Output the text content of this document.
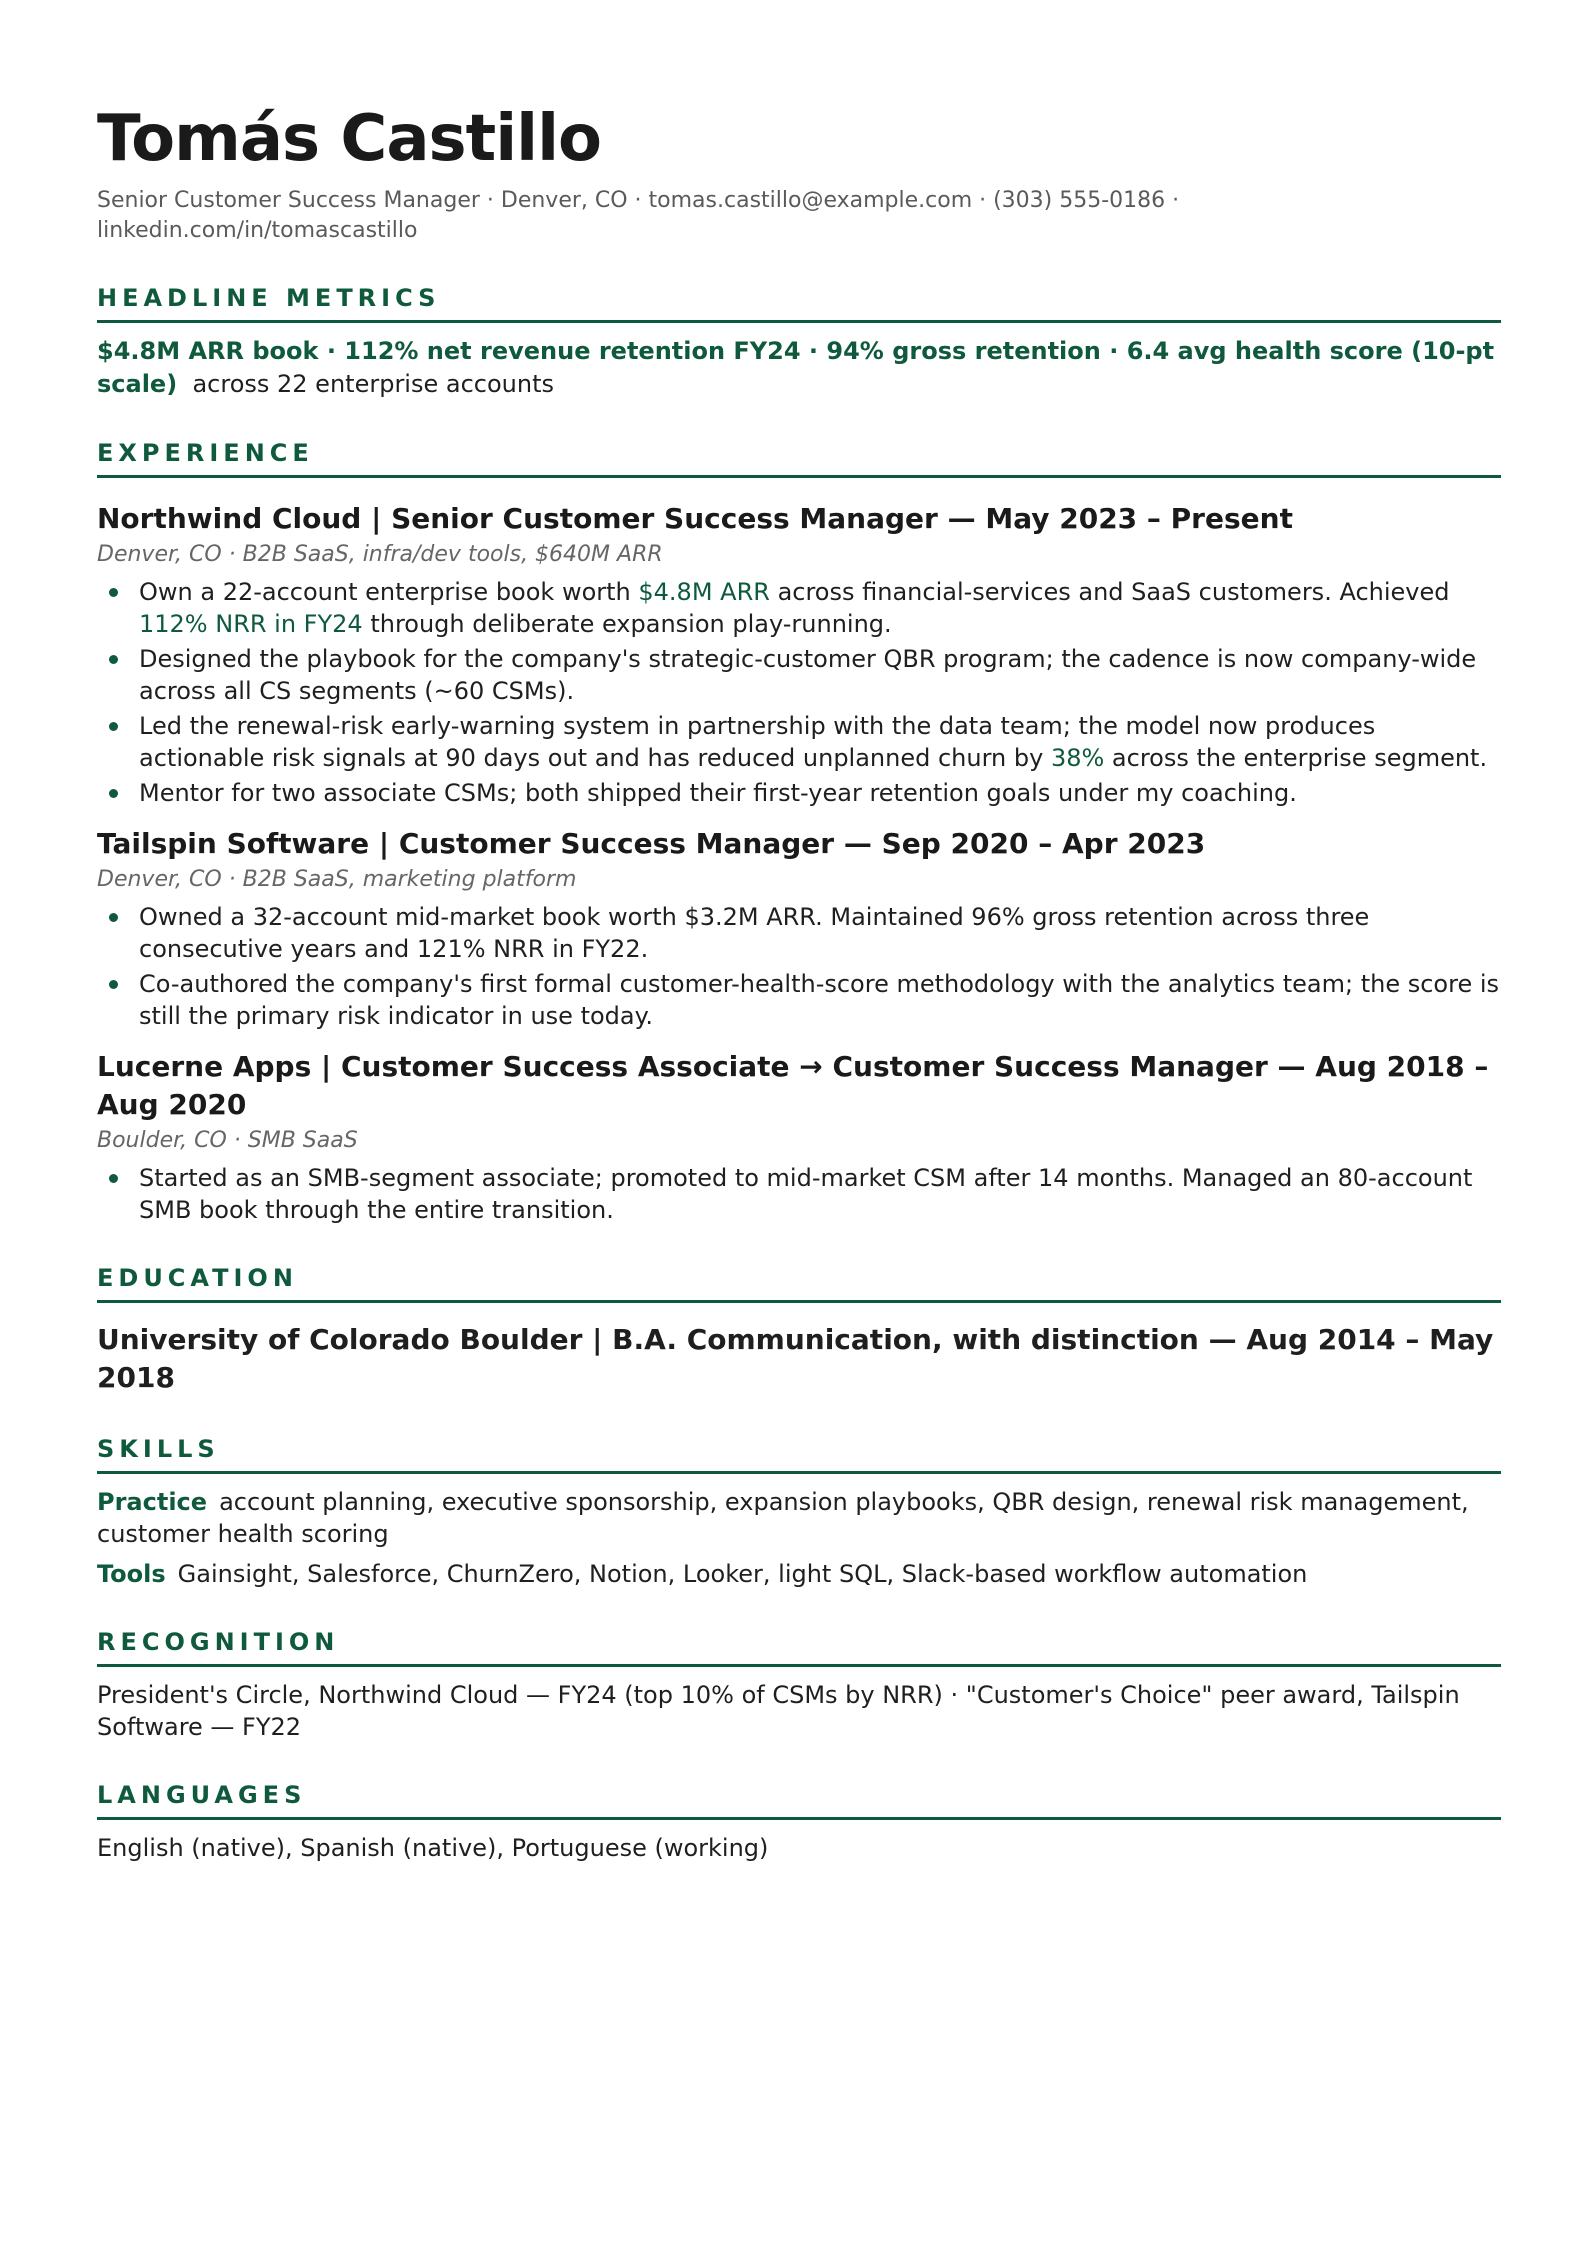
Tomás Castillo
Senior Customer Success Manager · Denver, CO · tomas.castillo@example.com · (303) 555-0186 ·
linkedin.com/in/tomascastillo
HEADLINE METRICS
$4.8M ARR book · 112% net revenue retention FY24 · 94% gross retention · 6.4 avg health score (10-pt scale) across 22 enterprise accounts
EXPERIENCE
Northwind Cloud | Senior Customer Success Manager — May 2023 – Present
Denver, CO · B2B SaaS, infra/dev tools, $640M ARR
Own a 22-account enterprise book worth $4.8M ARR across financial-services and SaaS customers. Achieved 112% NRR in FY24 through deliberate expansion play-running.
Designed the playbook for the company's strategic-customer QBR program; the cadence is now company-wide across all CS segments (~60 CSMs).
Led the renewal-risk early-warning system in partnership with the data team; the model now produces actionable risk signals at 90 days out and has reduced unplanned churn by 38% across the enterprise segment.
Mentor for two associate CSMs; both shipped their first-year retention goals under my coaching.
Tailspin Software | Customer Success Manager — Sep 2020 – Apr 2023
Denver, CO · B2B SaaS, marketing platform
Owned a 32-account mid-market book worth $3.2M ARR. Maintained 96% gross retention across three consecutive years and 121% NRR in FY22.
Co-authored the company's first formal customer-health-score methodology with the analytics team; the score is still the primary risk indicator in use today.
Lucerne Apps | Customer Success Associate → Customer Success Manager — Aug 2018 – Aug 2020
Boulder, CO · SMB SaaS
Started as an SMB-segment associate; promoted to mid-market CSM after 14 months. Managed an 80-account SMB book through the entire transition.
EDUCATION
University of Colorado Boulder | B.A. Communication, with distinction — Aug 2014 – May 2018
SKILLS
Practice account planning, executive sponsorship, expansion playbooks, QBR design, renewal risk management, customer health scoring
Tools Gainsight, Salesforce, ChurnZero, Notion, Looker, light SQL, Slack-based workflow automation
RECOGNITION
President's Circle, Northwind Cloud — FY24 (top 10% of CSMs by NRR) · "Customer's Choice" peer award, Tailspin Software — FY22
LANGUAGES
English (native), Spanish (native), Portuguese (working)
